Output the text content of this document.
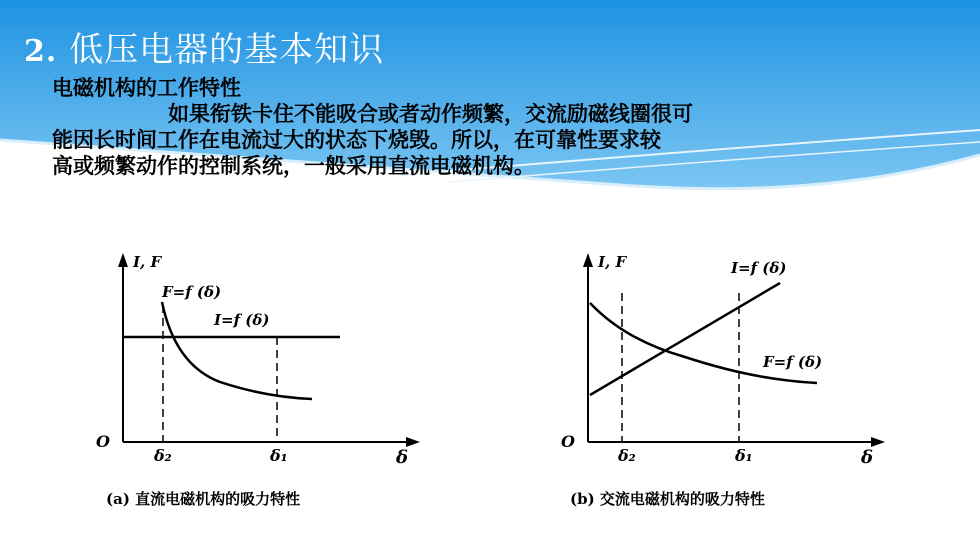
2. 低压电器的基本知识
电磁机构的工作特性
如果衔铁卡住不能吸合或者动作频繁，交流励磁线圈很可
能因长时间工作在电流过大的状态下烧毁。所以，在可靠性要求较
高或频繁动作的控制系统，一般采用直流电磁机构。
I, F
F=f (δ)
I=f (δ)
O
δ₂	δ₁	δ
(a) 直流电磁机构的吸力特性
I, F	I=f (δ)
F=f (δ)
O
δ₂	δ₁	δ
(b) 交流电磁机构的吸力特性
